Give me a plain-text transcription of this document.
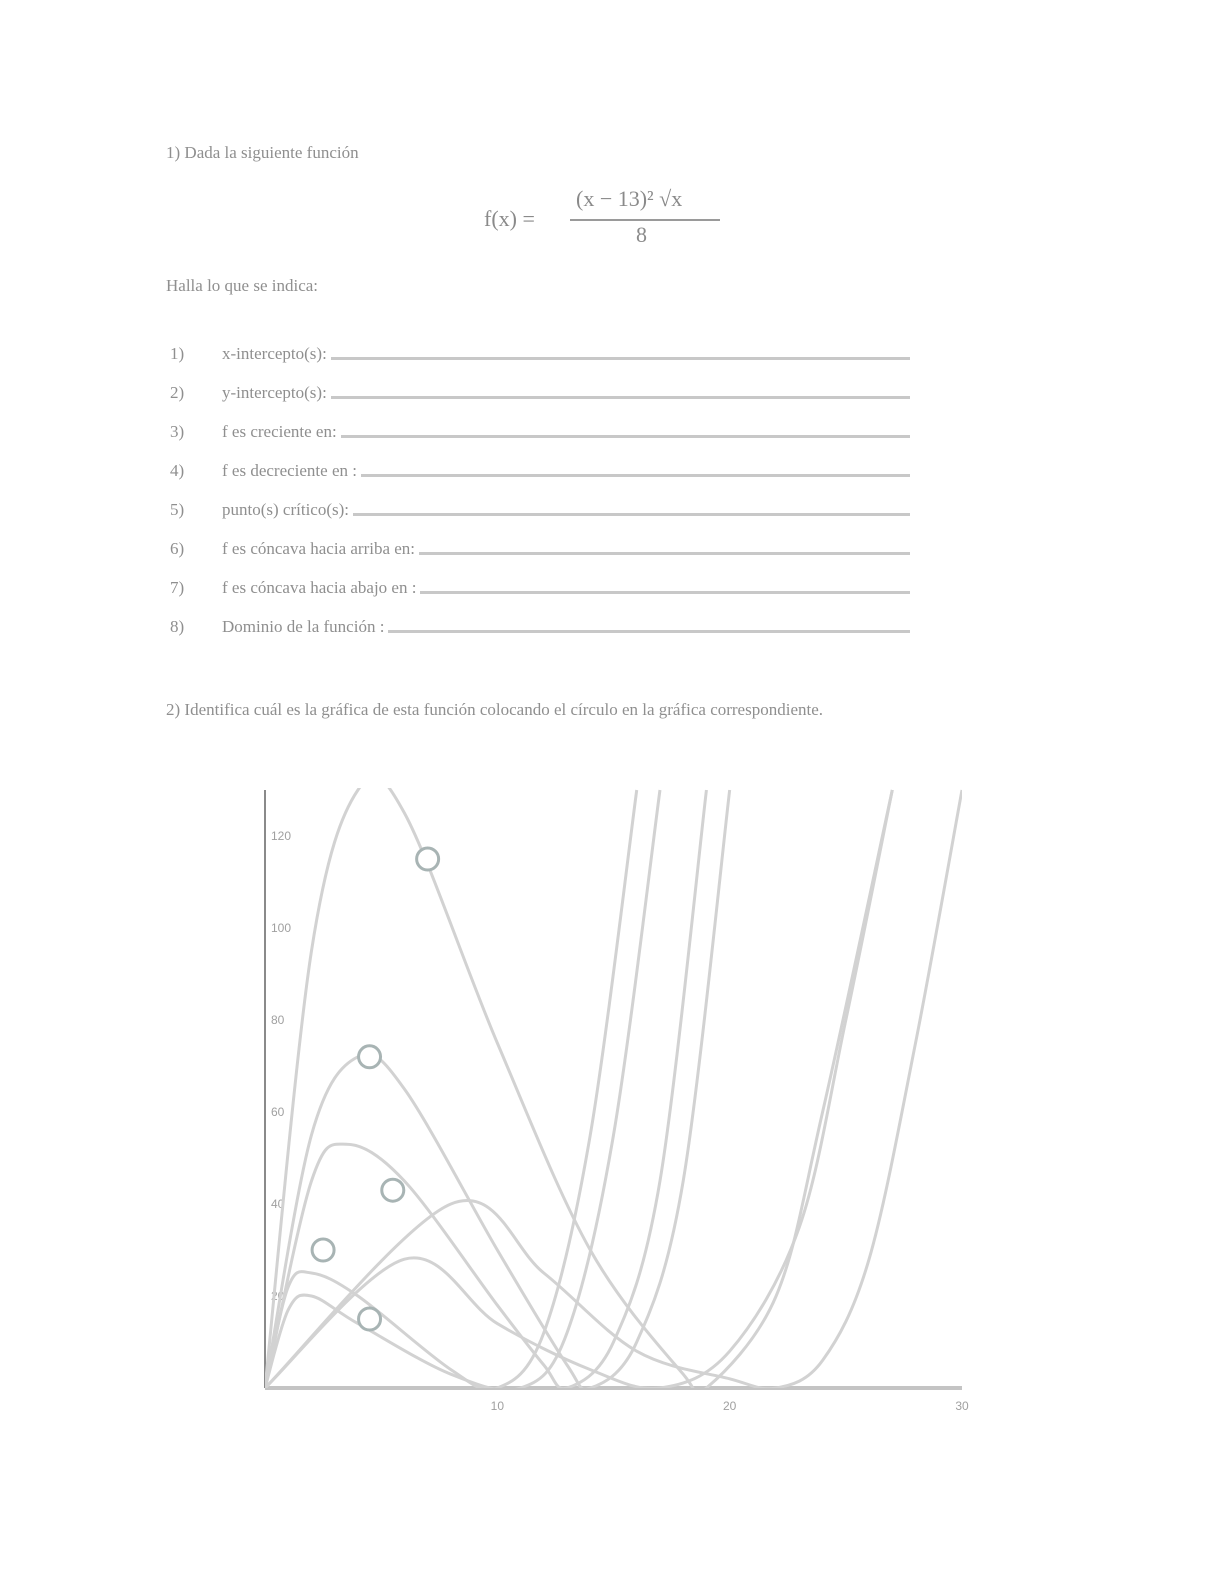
1) Dada la siguiente función
f(x) =
(x − 13)² √x
8
Halla lo que se indica:
1)	x-intercepto(s):
2)	y-intercepto(s):
3)	f es creciente en:
4)	f es decreciente en :
5)	punto(s) crítico(s):
6)	f es cóncava hacia arriba en:
7)	f es cóncava hacia abajo en :
8)	Dominio de la función :
2) Identifica cuál es la gráfica de esta función colocando el círculo en la gráfica correspondiente.
10	20	30
20
40
60
80
100
120
